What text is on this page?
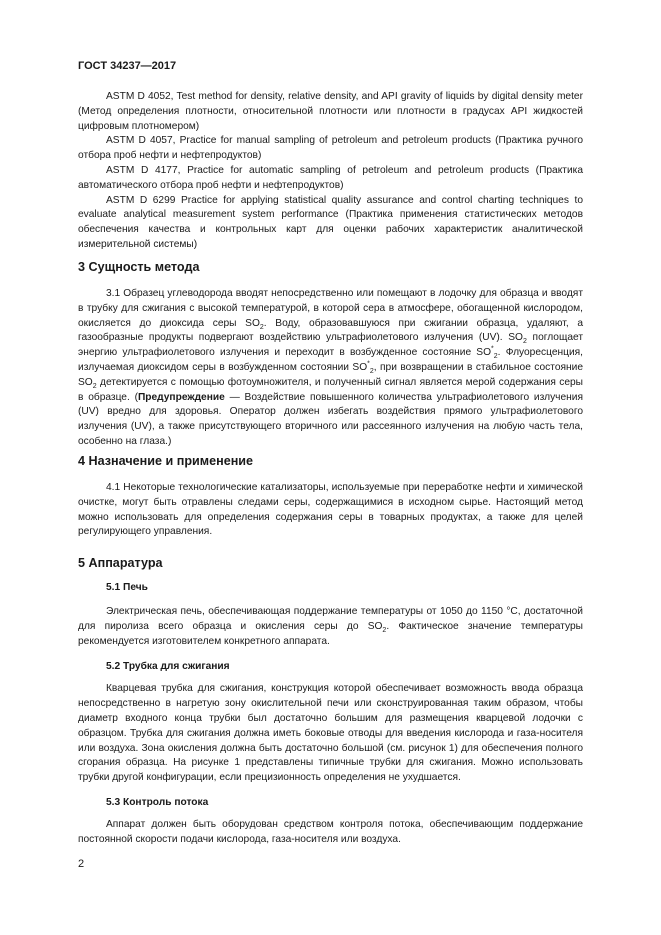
ГОСТ 34237—2017

ASTM D 4052, Test method for density, relative density, and API gravity of liquids by digital density meter (Метод определения плотности, относительной плотности или плотности в градусах API жидкостей цифровым плотномером)

ASTM D 4057, Practice for manual sampling of petroleum and petroleum products (Практика ручного отбора проб нефти и нефтепродуктов)

ASTM D 4177, Practice for automatic sampling of petroleum and petroleum products (Практика автоматического отбора проб нефти и нефтепродуктов)

ASTM D 6299 Practice for applying statistical quality assurance and control charting techniques to evaluate analytical measurement system performance (Практика применения статистических методов обеспечения качества и контрольных карт для оценки рабочих характеристик аналитической измерительной системы)

3 Сущность метода

3.1 Образец углеводорода вводят непосредственно или помещают в лодочку для образца и вводят в трубку для сжигания с высокой температурой, в которой сера в атмосфере, обогащенной кислородом, окисляется до диоксида серы $SO_2$. Воду, образовавшуюся при сжигании образца, удаляют, а газообразные продукты подвергают воздействию ультрафиолетового излучения (UV). $SO_2$ поглощает энергию ультрафиолетового излучения и переходит в возбужденное состояние $SO^*_2$. Флуоресценция, излучаемая диоксидом серы в возбужденном состоянии $SO^*_2$, при возвращении в стабильное состояние $SO_2$ детектируется с помощью фотоумножителя, и полученный сигнал является мерой содержания серы в образце. (Предупреждение — Воздействие повышенного количества ультрафиолетового излучения (UV) вредно для здоровья. Оператор должен избегать воздействия прямого ультрафиолетового излучения (UV), а также присутствующего вторичного или рассеянного излучения на любую часть тела, особенно на глаза.)

4 Назначение и применение

4.1 Некоторые технологические катализаторы, используемые при переработке нефти и химической очистке, могут быть отравлены следами серы, содержащимися в исходном сырье. Настоящий метод можно использовать для определения содержания серы в товарных продуктах, а также для целей регулирующего управления.

5 Аппаратура
5.1 Печь

Электрическая печь, обеспечивающая поддержание температуры от 1050 до 1150 °С, достаточной для пиролиза всего образца и окисления серы до $SO_2$. Фактическое значение температуры рекомендуется изготовителем конкретного аппарата.

5.2 Трубка для сжигания

Кварцевая трубка для сжигания, конструкция которой обеспечивает возможность ввода образца непосредственно в нагретую зону окислительной печи или сконструированная таким образом, чтобы диаметр входного конца трубки был достаточно большим для размещения кварцевой лодочки с образцом. Трубка для сжигания должна иметь боковые отводы для введения кислорода и газа-носителя или воздуха. Зона окисления должна быть достаточно большой (см. рисунок 1) для обеспечения полного сгорания образца. На рисунке 1 представлены типичные трубки для сжигания. Можно использовать трубки другой конфигурации, если прецизионность определения не ухудшается.

5.3 Контроль потока

Аппарат должен быть оборудован средством контроля потока, обеспечивающим поддержание постоянной скорости подачи кислорода, газа-носителя или воздуха.

2
